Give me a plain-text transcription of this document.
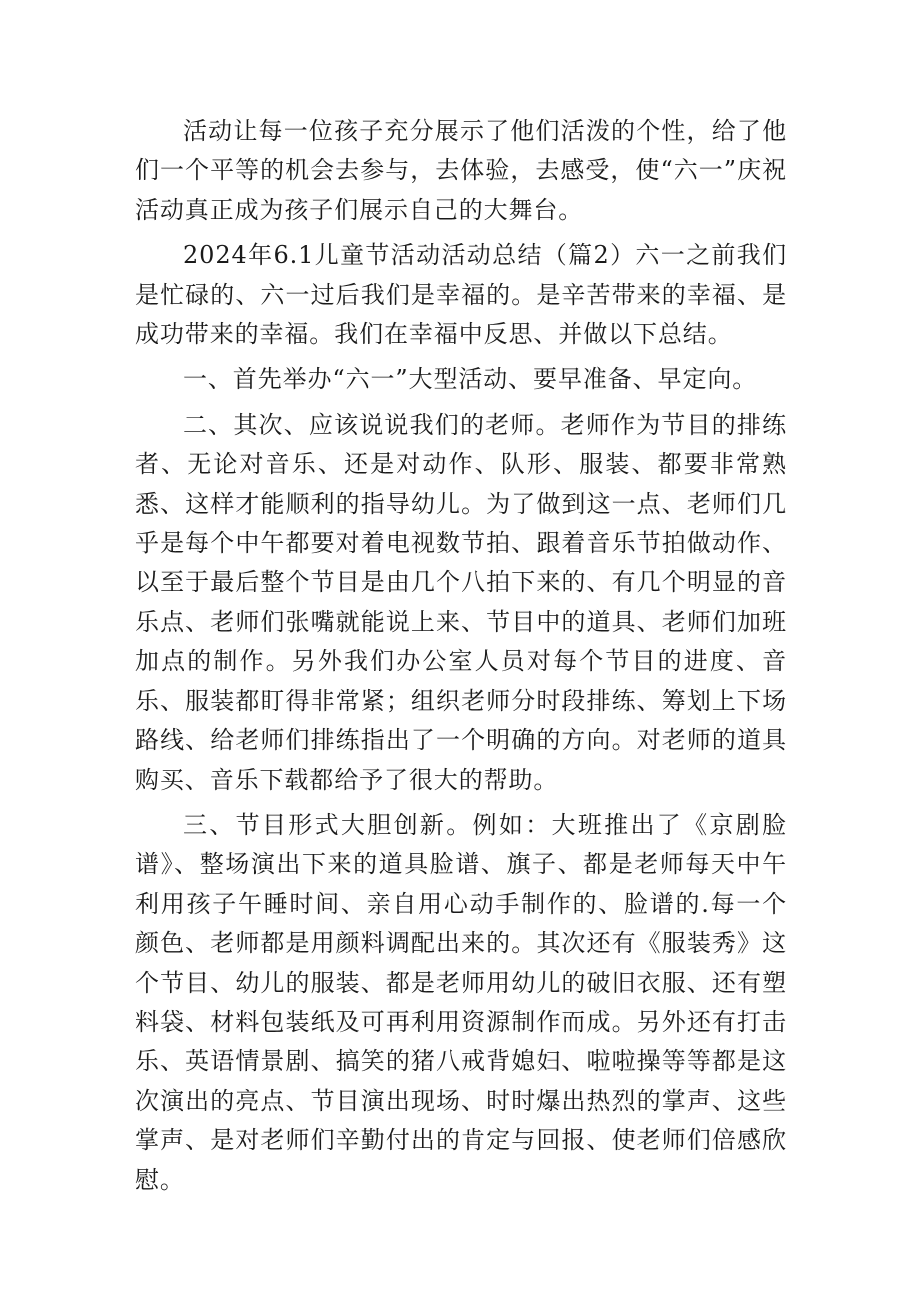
活动让每一位孩子充分展示了他们活泼的个性，给了他们一个平等的机会去参与，去体验，去感受，使“六一”庆祝活动真正成为孩子们展示自己的大舞台。

2024年6.1儿童节活动活动总结（篇2）六一之前我们是忙碌的、六一过后我们是幸福的。是辛苦带来的幸福、是成功带来的幸福。我们在幸福中反思、并做以下总结。

一、首先举办“六一”大型活动、要早准备、早定向。

二、其次、应该说说我们的老师。老师作为节目的排练者、无论对音乐、还是对动作、队形、服装、都要非常熟悉、这样才能顺利的指导幼儿。为了做到这一点、老师们几乎是每个中午都要对着电视数节拍、跟着音乐节拍做动作、以至于最后整个节目是由几个八拍下来的、有几个明显的音乐点、老师们张嘴就能说上来、节目中的道具、老师们加班加点的制作。另外我们办公室人员对每个节目的进度、音乐、服装都盯得非常紧；组织老师分时段排练、筹划上下场路线、给老师们排练指出了一个明确的方向。对老师的道具购买、音乐下载都给予了很大的帮助。

三、节目形式大胆创新。例如：大班推出了《京剧脸谱》、整场演出下来的道具脸谱、旗子、都是老师每天中午利用孩子午睡时间、亲自用心动手制作的、脸谱的.每一个颜色、老师都是用颜料调配出来的。其次还有《服装秀》这个节目、幼儿的服装、都是老师用幼儿的破旧衣服、还有塑料袋、材料包装纸及可再利用资源制作而成。另外还有打击乐、英语情景剧、搞笑的猪八戒背媳妇、啦啦操等等都是这次演出的亮点、节目演出现场、时时爆出热烈的掌声、这些掌声、是对老师们辛勤付出的肯定与回报、使老师们倍感欣慰。
